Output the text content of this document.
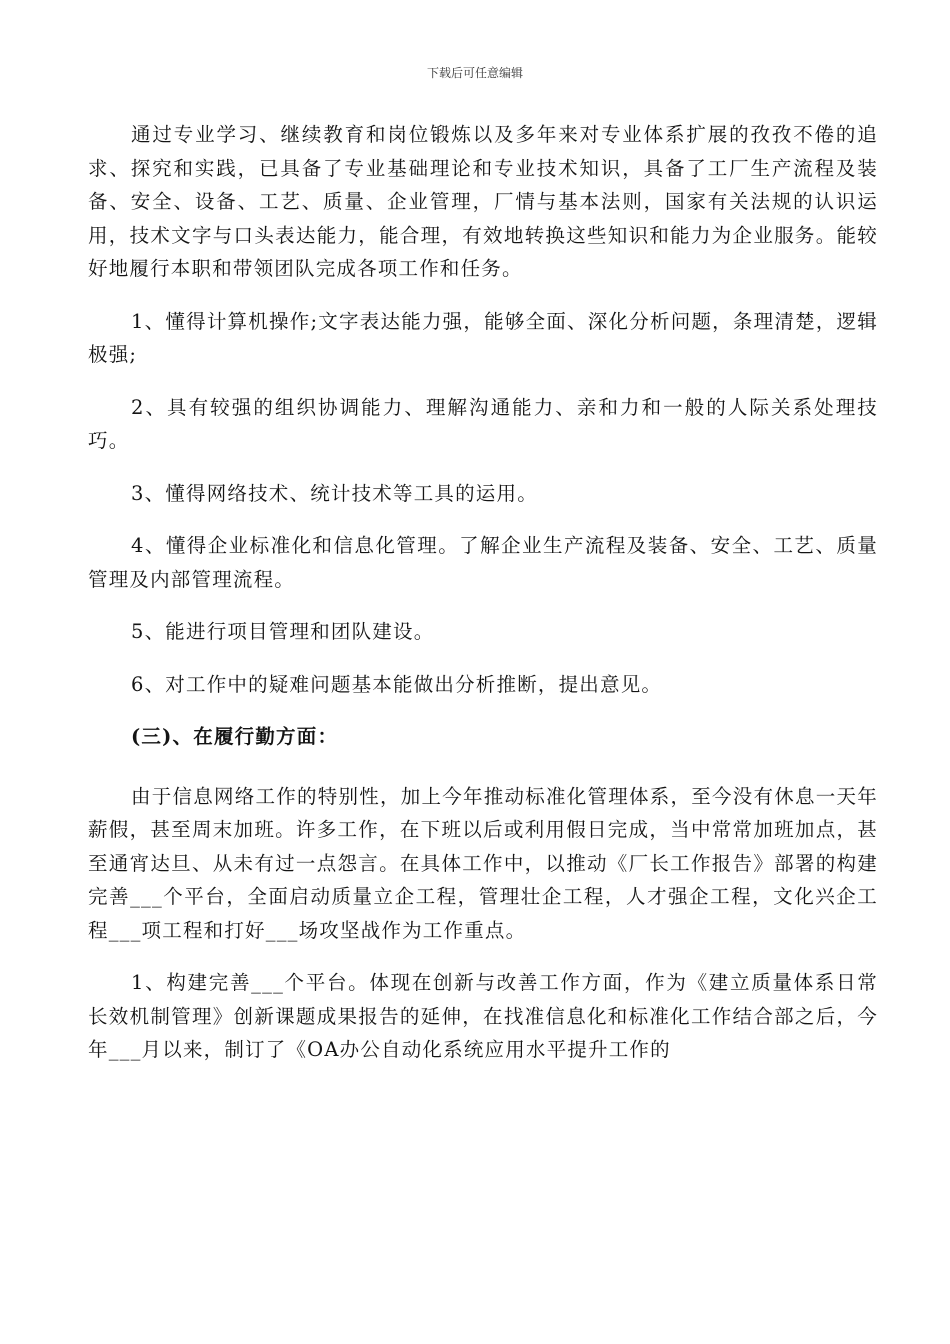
下载后可任意编辑

通过专业学习、继续教育和岗位锻炼以及多年来对专业体系扩展的孜孜不倦的追求、探究和实践，已具备了专业基础理论和专业技术知识，具备了工厂生产流程及装备、安全、设备、工艺、质量、企业管理，厂情与基本法则，国家有关法规的认识运用，技术文字与口头表达能力，能合理，有效地转换这些知识和能力为企业服务。能较好地履行本职和带领团队完成各项工作和任务。

1、懂得计算机操作;文字表达能力强，能够全面、深化分析问题，条理清楚，逻辑极强;

2、具有较强的组织协调能力、理解沟通能力、亲和力和一般的人际关系处理技巧。

3、懂得网络技术、统计技术等工具的运用。

4、懂得企业标准化和信息化管理。了解企业生产流程及装备、安全、工艺、质量管理及内部管理流程。

5、能进行项目管理和团队建设。

6、对工作中的疑难问题基本能做出分析推断，提出意见。

(三)、在履行勤方面：

由于信息网络工作的特别性，加上今年推动标准化管理体系，至今没有休息一天年薪假，甚至周末加班。许多工作，在下班以后或利用假日完成，当中常常加班加点，甚至通宵达旦、从未有过一点怨言。在具体工作中，以推动《厂长工作报告》部署的构建完善___个平台，全面启动质量立企工程，管理壮企工程，人才强企工程，文化兴企工程___项工程和打好___场攻坚战作为工作重点。

1、构建完善___个平台。体现在创新与改善工作方面，作为《建立质量体系日常长效机制管理》创新课题成果报告的延伸，在找准信息化和标准化工作结合部之后，今年___月以来，制订了《OA办公自动化系统应用水平提升工作的
